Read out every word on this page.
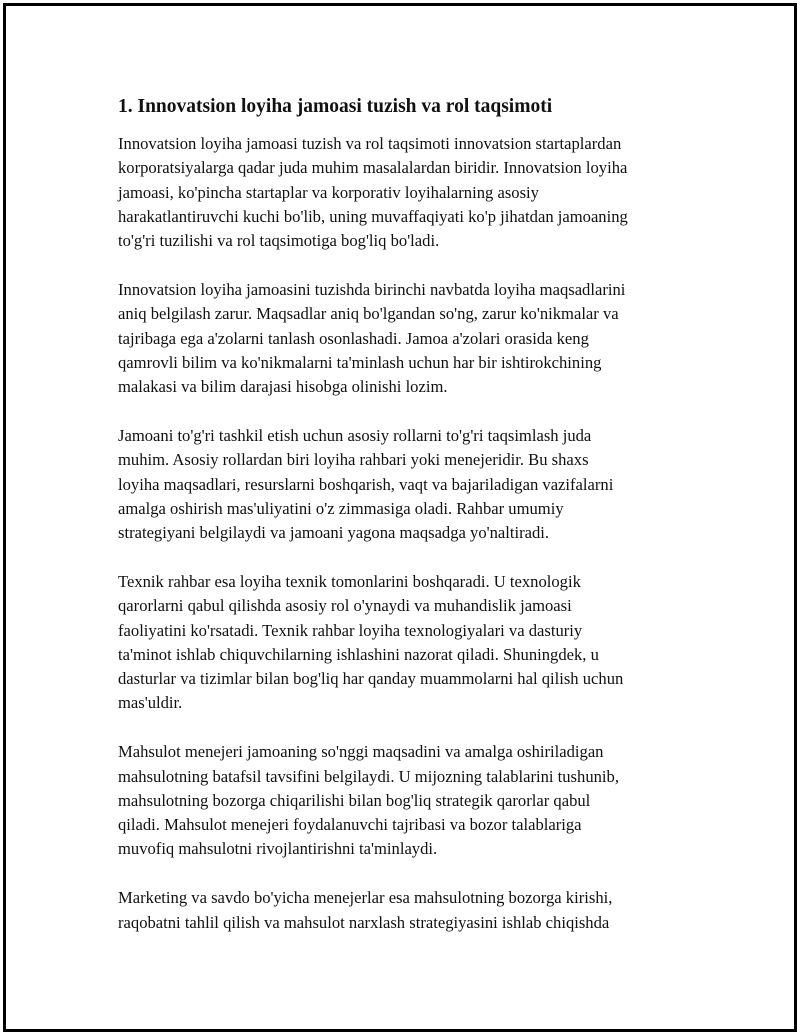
1. Innovatsion loyiha jamoasi tuzish va rol taqsimoti

Innovatsion loyiha jamoasi tuzish va rol taqsimoti innovatsion startaplardan
korporatsiyalarga qadar juda muhim masalalardan biridir. Innovatsion loyiha
jamoasi, ko'pincha startaplar va korporativ loyihalarning asosiy
harakatlantiruvchi kuchi bo'lib, uning muvaffaqiyati ko'p jihatdan jamoaning
to'g'ri tuzilishi va rol taqsimotiga bog'liq bo'ladi.

Innovatsion loyiha jamoasini tuzishda birinchi navbatda loyiha maqsadlarini
aniq belgilash zarur. Maqsadlar aniq bo'lgandan so'ng, zarur ko'nikmalar va
tajribaga ega a'zolarni tanlash osonlashadi. Jamoa a'zolari orasida keng
qamrovli bilim va ko'nikmalarni ta'minlash uchun har bir ishtirokchining
malakasi va bilim darajasi hisobga olinishi lozim.

Jamoani to'g'ri tashkil etish uchun asosiy rollarni to'g'ri taqsimlash juda
muhim. Asosiy rollardan biri loyiha rahbari yoki menejeridir. Bu shaxs
loyiha maqsadlari, resurslarni boshqarish, vaqt va bajariladigan vazifalarni
amalga oshirish mas'uliyatini o'z zimmasiga oladi. Rahbar umumiy
strategiyani belgilaydi va jamoani yagona maqsadga yo'naltiradi.

Texnik rahbar esa loyiha texnik tomonlarini boshqaradi. U texnologik
qarorlarni qabul qilishda asosiy rol o'ynaydi va muhandislik jamoasi
faoliyatini ko'rsatadi. Texnik rahbar loyiha texnologiyalari va dasturiy
ta'minot ishlab chiquvchilarning ishlashini nazorat qiladi. Shuningdek, u
dasturlar va tizimlar bilan bog'liq har qanday muammolarni hal qilish uchun
mas'uldir.

Mahsulot menejeri jamoaning so'nggi maqsadini va amalga oshiriladigan
mahsulotning batafsil tavsifini belgilaydi. U mijozning talablarini tushunib,
mahsulotning bozorga chiqarilishi bilan bog'liq strategik qarorlar qabul
qiladi. Mahsulot menejeri foydalanuvchi tajribasi va bozor talablariga
muvofiq mahsulotni rivojlantirishni ta'minlaydi.

Marketing va savdo bo'yicha menejerlar esa mahsulotning bozorga kirishi,
raqobatni tahlil qilish va mahsulot narxlash strategiyasini ishlab chiqishda
